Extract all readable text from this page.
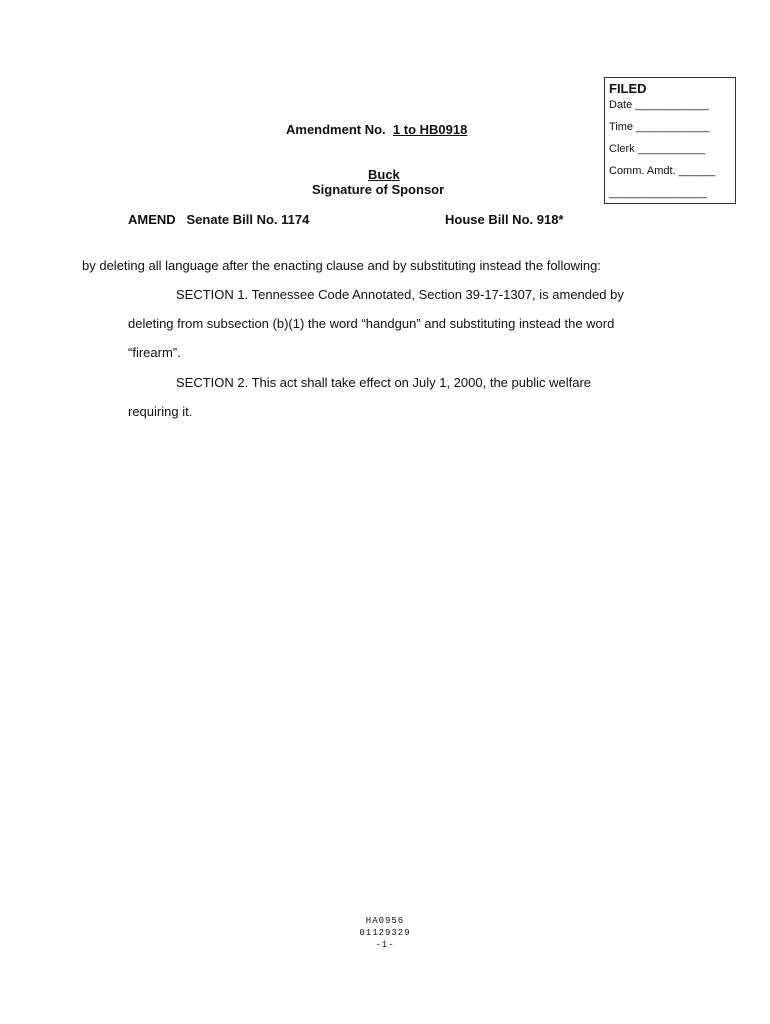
FILED
Date ____________
Time ____________
Clerk ___________
Comm. Amdt. ______
________________
Amendment No. 1 to HB0918
Buck
Signature of Sponsor
AMEND Senate Bill No. 1174	House Bill No. 918*
by deleting all language after the enacting clause and by substituting instead the following:
SECTION 1. Tennessee Code Annotated, Section 39-17-1307, is amended by
deleting from subsection (b)(1) the word “handgun” and substituting instead the word
“firearm”.
SECTION 2. This act shall take effect on July 1, 2000, the public welfare
requiring it.
HA0956
01129329
-1-
